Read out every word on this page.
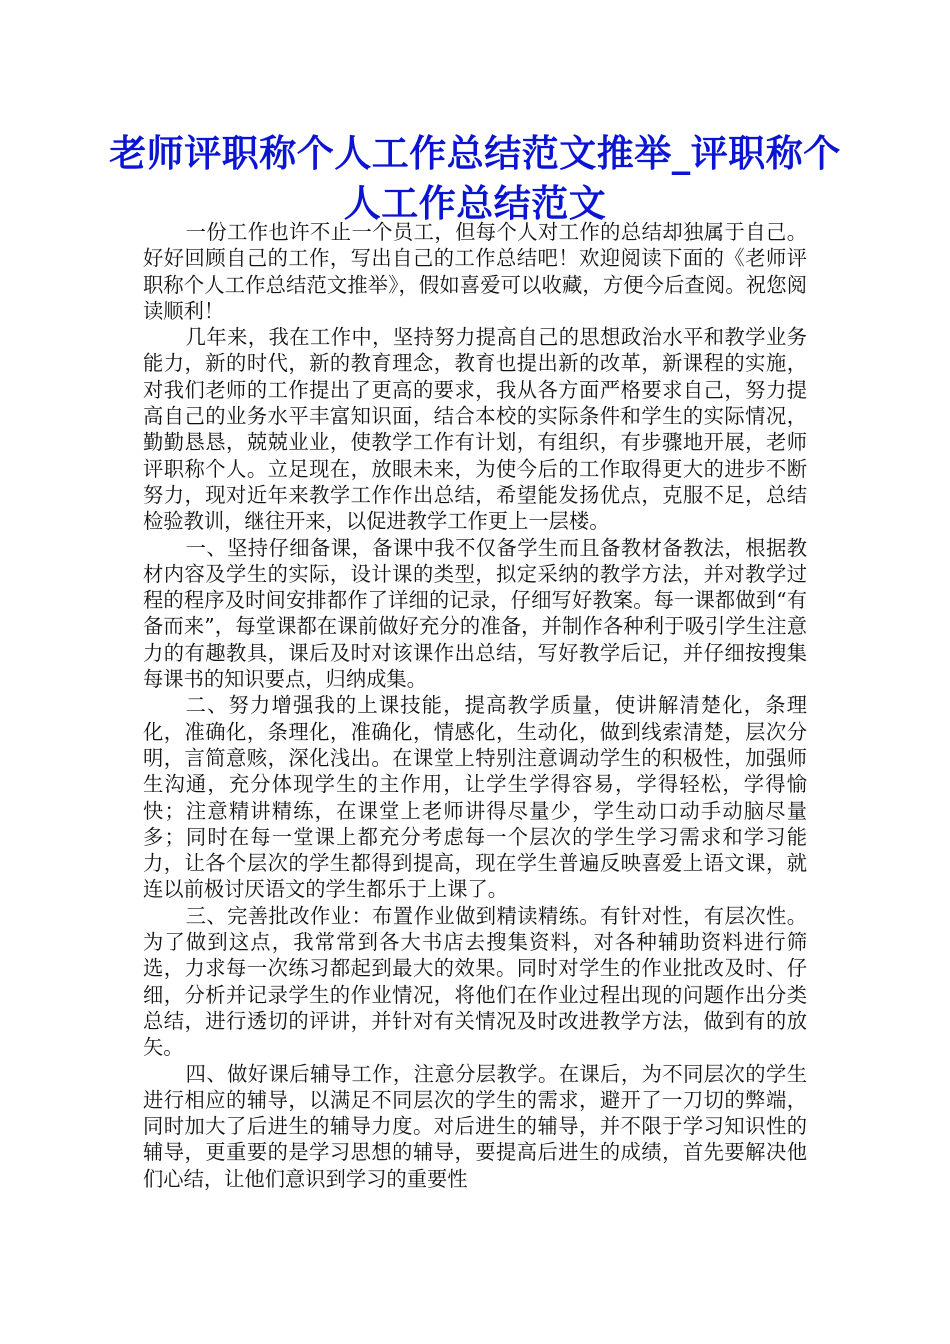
老师评职称个人工作总结范文推举_评职称个人工作总结范文

一份工作也许不止一个员工，但每个人对工作的总结却独属于自己。好好回顾自己的工作，写出自己的工作总结吧！欢迎阅读下面的《老师评职称个人工作总结范文推举》，假如喜爱可以收藏，方便今后查阅。祝您阅读顺利！

几年来，我在工作中，坚持努力提高自己的思想政治水平和教学业务能力，新的时代，新的教育理念，教育也提出新的改革，新课程的实施，对我们老师的工作提出了更高的要求，我从各方面严格要求自己，努力提高自己的业务水平丰富知识面，结合本校的实际条件和学生的实际情况，勤勤恳恳，兢兢业业，使教学工作有计划，有组织，有步骤地开展，老师评职称个人。立足现在，放眼未来，为使今后的工作取得更大的进步不断努力，现对近年来教学工作作出总结，希望能发扬优点，克服不足，总结检验教训，继往开来，以促进教学工作更上一层楼。

一、坚持仔细备课，备课中我不仅备学生而且备教材备教法，根据教材内容及学生的实际，设计课的类型，拟定采纳的教学方法，并对教学过程的程序及时间安排都作了详细的记录，仔细写好教案。每一课都做到“有备而来”，每堂课都在课前做好充分的准备，并制作各种利于吸引学生注意力的有趣教具，课后及时对该课作出总结，写好教学后记，并仔细按搜集每课书的知识要点，归纳成集。

二、努力增强我的上课技能，提高教学质量，使讲解清楚化，条理化，准确化，条理化，准确化，情感化，生动化，做到线索清楚，层次分明，言简意赅，深化浅出。在课堂上特别注意调动学生的积极性，加强师生沟通，充分体现学生的主作用，让学生学得容易，学得轻松，学得愉快；注意精讲精练，在课堂上老师讲得尽量少，学生动口动手动脑尽量多；同时在每一堂课上都充分考虑每一个层次的学生学习需求和学习能力，让各个层次的学生都得到提高，现在学生普遍反映喜爱上语文课，就连以前极讨厌语文的学生都乐于上课了。

三、完善批改作业：布置作业做到精读精练。有针对性，有层次性。为了做到这点，我常常到各大书店去搜集资料，对各种辅助资料进行筛选，力求每一次练习都起到最大的效果。同时对学生的作业批改及时、仔细，分析并记录学生的作业情况，将他们在作业过程出现的问题作出分类总结，进行透切的评讲，并针对有关情况及时改进教学方法，做到有的放矢。

四、做好课后辅导工作，注意分层教学。在课后，为不同层次的学生进行相应的辅导，以满足不同层次的学生的需求，避开了一刀切的弊端，同时加大了后进生的辅导力度。对后进生的辅导，并不限于学习知识性的辅导，更重要的是学习思想的辅导，要提高后进生的成绩，首先要解决他们心结，让他们意识到学习的重要性
